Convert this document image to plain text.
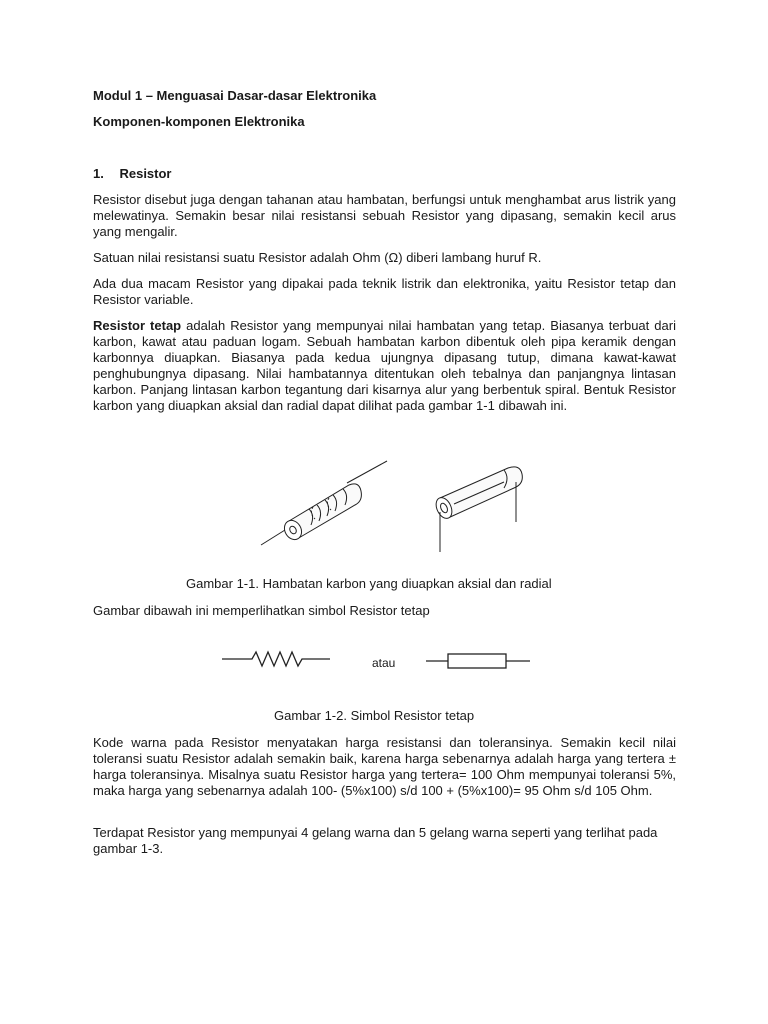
Modul 1 – Menguasai Dasar-dasar Elektronika
Komponen-komponen Elektronika
1. Resistor
Resistor disebut juga dengan tahanan atau hambatan, berfungsi untuk menghambat arus listrik yang melewatinya. Semakin besar nilai resistansi sebuah Resistor yang dipasang, semakin kecil arus yang mengalir.
Satuan nilai resistansi suatu Resistor adalah Ohm (Ω) diberi lambang huruf R.
Ada dua macam Resistor yang dipakai pada teknik listrik dan elektronika, yaitu Resistor tetap dan Resistor variable.
Resistor tetap adalah Resistor yang mempunyai nilai hambatan yang tetap. Biasanya terbuat dari karbon, kawat atau paduan logam. Sebuah hambatan karbon dibentuk oleh pipa keramik dengan karbonnya diuapkan. Biasanya pada kedua ujungnya dipasang tutup, dimana kawat-kawat penghubungnya dipasang. Nilai hambatannya ditentukan oleh tebalnya dan panjangnya lintasan karbon. Panjang lintasan karbon tegantung dari kisarnya alur yang berbentuk spiral. Bentuk Resistor karbon yang diuapkan aksial dan radial dapat dilihat pada gambar 1-1 dibawah ini.
Gambar 1-1. Hambatan karbon yang diuapkan aksial dan radial
Gambar dibawah ini memperlihatkan simbol Resistor tetap
atau
Gambar 1-2. Simbol Resistor tetap
Kode warna pada Resistor menyatakan harga resistansi dan toleransinya. Semakin kecil nilai toleransi suatu Resistor adalah semakin baik, karena harga sebenarnya adalah harga yang tertera ± harga toleransinya. Misalnya suatu Resistor harga yang tertera= 100 Ohm mempunyai toleransi 5%, maka harga yang sebenarnya adalah 100- (5%x100) s/d 100 + (5%x100)= 95 Ohm s/d 105 Ohm.
Terdapat Resistor yang mempunyai 4 gelang warna dan 5 gelang warna seperti yang terlihat pada gambar 1-3.
